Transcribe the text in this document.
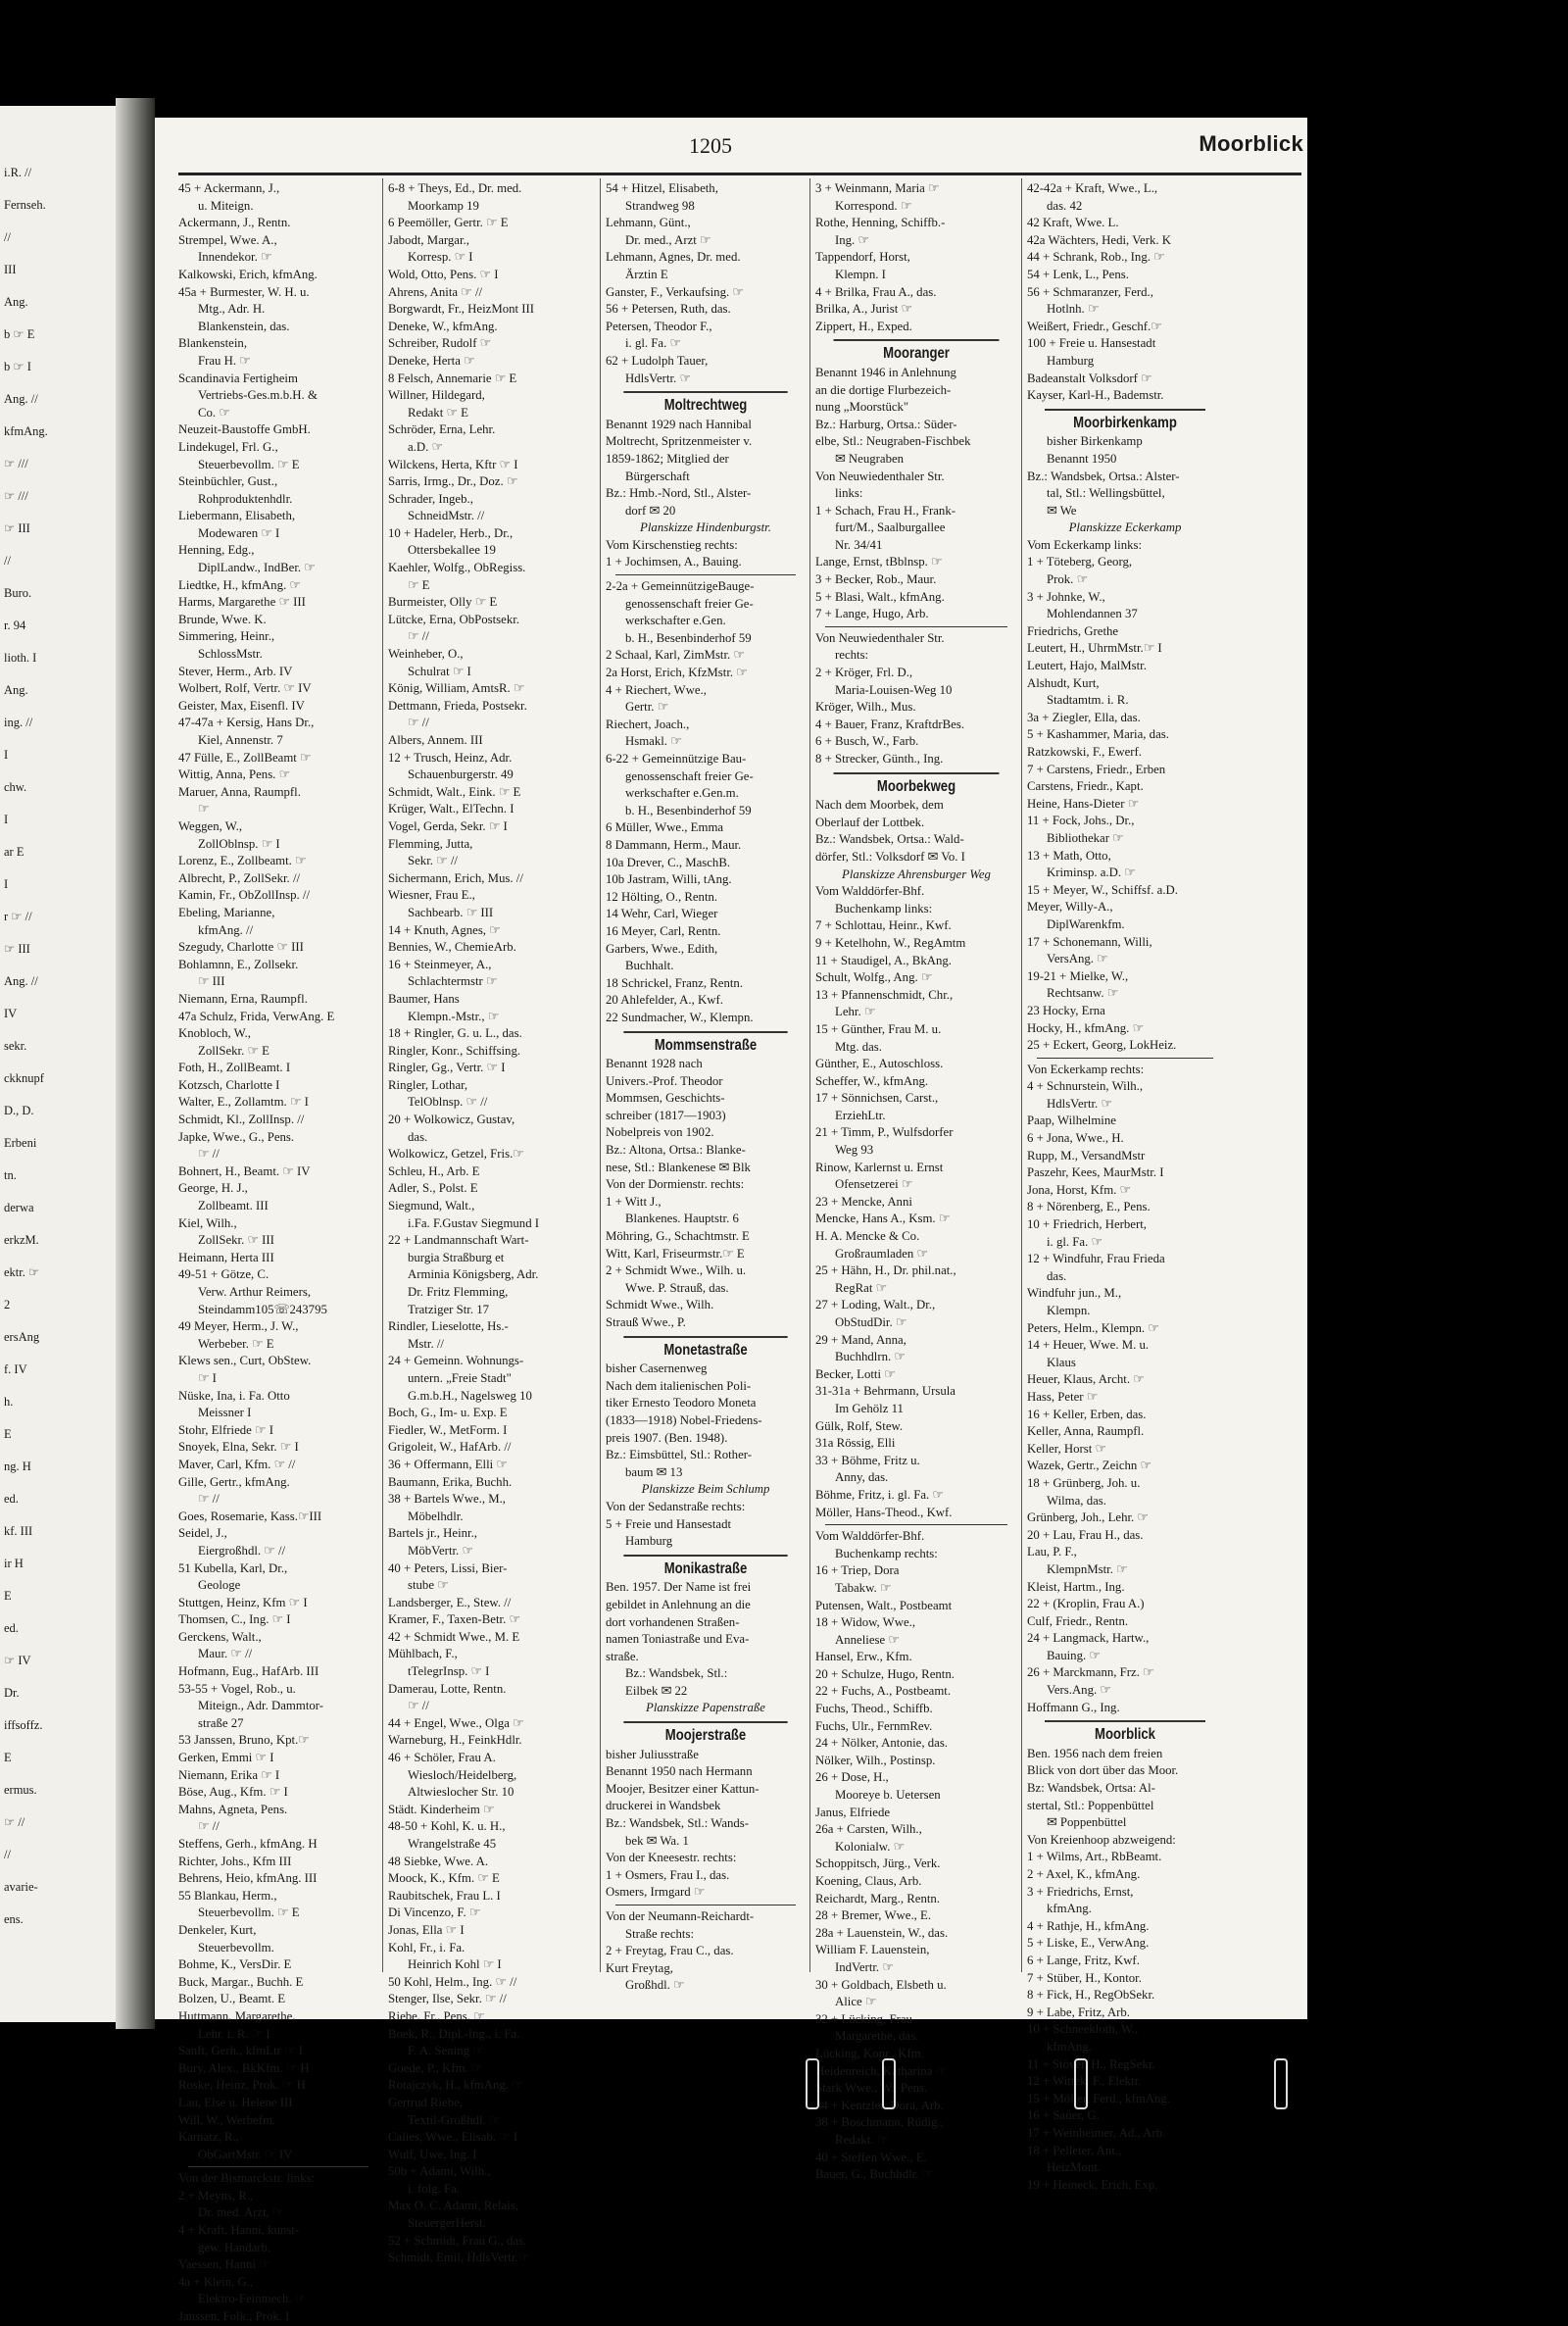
i.R. //
Fernseh.
//
III
Ang.
b ☞ E
b ☞ I
Ang. //
kfmAng.
☞ ///
☞ ///
☞ III
//
Buro.
r. 94
lioth. I
Ang.
ing. //
I
chw.
I
ar E
I
r ☞ //
☞ III
Ang. //
IV
sekr.
ckknupf
D., D.
Erbeni
tn.
derwa
erkzM.
ektr. ☞
2
ersAng
f. IV
h.
E
ng. H
ed.
kf. III
ir H
E
ed.
☞ IV
Dr.
iffsoffz.
E
ermus.
☞ //
//
avarie-
ens.
1205	Moorblick
45 + Ackermann, J.,
u. Miteign.
Ackermann, J., Rentn.
Strempel, Wwe. A.,
Innendekor. ☞
Kalkowski, Erich, kfmAng.
45a + Burmester, W. H. u.
Mtg., Adr. H.
Blankenstein, das.
Blankenstein,
Frau H. ☞
Scandinavia Fertigheim
Vertriebs-Ges.m.b.H. &
Co. ☞
Neuzeit-Baustoffe GmbH.
Lindekugel, Frl. G.,
Steuerbevollm. ☞ E
Steinbüchler, Gust.,
Rohproduktenhdlr.
Liebermann, Elisabeth,
Modewaren ☞ I
Henning, Edg.,
DiplLandw., IndBer. ☞
Liedtke, H., kfmAng. ☞
Harms, Margarethe ☞ III
Brunde, Wwe. K.
Simmering, Heinr.,
SchlossMstr.
Stever, Herm., Arb. IV
Wolbert, Rolf, Vertr. ☞ IV
Geister, Max, Eisenfl. IV
47-47a + Kersig, Hans Dr.,
Kiel, Annenstr. 7
47 Fülle, E., ZollBeamt ☞
Wittig, Anna, Pens. ☞
Maruer, Anna, Raumpfl.
☞
Weggen, W.,
ZollOblnsp. ☞ I
Lorenz, E., Zollbeamt. ☞
Albrecht, P., ZollSekr. //
Kamin, Fr., ObZollInsp. //
Ebeling, Marianne,
kfmAng. //
Szegudy, Charlotte ☞ III
Bohlamnn, E., Zollsekr.
☞ III
Niemann, Erna, Raumpfl.
47a Schulz, Frida, VerwAng. E
Knobloch, W.,
ZollSekr. ☞ E
Foth, H., ZollBeamt. I
Kotzsch, Charlotte I
Walter, E., Zollamtm. ☞ I
Schmidt, Kl., ZollInsp. //
Japke, Wwe., G., Pens.
☞ //
Bohnert, H., Beamt. ☞ IV
George, H. J.,
Zollbeamt. III
Kiel, Wilh.,
ZollSekr. ☞ III
Heimann, Herta III
49-51 + Götze, C.
Verw. Arthur Reimers,
Steindamm105☏243795
49 Meyer, Herm., J. W.,
Werbeber. ☞ E
Klews sen., Curt, ObStew.
☞ I
Nüske, Ina, i. Fa. Otto
Meissner I
Stohr, Elfriede ☞ I
Snoyek, Elna, Sekr. ☞ I
Maver, Carl, Kfm. ☞ //
Gille, Gertr., kfmAng.
☞ //
Goes, Rosemarie, Kass.☞III
Seidel, J.,
Eiergroßhdl. ☞ //
51 Kubella, Karl, Dr.,
Geologe
Stuttgen, Heinz, Kfm ☞ I
Thomsen, C., Ing. ☞ I
Gerckens, Walt.,
Maur. ☞ //
Hofmann, Eug., HafArb. III
53-55 + Vogel, Rob., u.
Miteign., Adr. Dammtor-
straße 27
53 Janssen, Bruno, Kpt.☞
Gerken, Emmi ☞ I
Niemann, Erika ☞ I
Böse, Aug., Kfm. ☞ I
Mahns, Agneta, Pens.
☞ //
Steffens, Gerh., kfmAng. H
Richter, Johs., Kfm III
Behrens, Heio, kfmAng. III
55 Blankau, Herm.,
Steuerbevollm. ☞ E
Denkeler, Kurt,
Steuerbevollm.
Bohme, K., VersDir. E
Buck, Margar., Buchh. E
Bolzen, U., Beamt. E
Huttmann, Margarethe,
Lehr. i. R. ☞ I
Sanft, Gerh., kfmLtr ☞ I
Bury, Alex., BkKfm. ☞ H
Roske, Heinz, Prok. ☞ H
Lau, Else u. Helene III
Will, W., Werbefm.
Karnatz, R.,
ObGartMstr. ☞ IV
Von der Bismarckstr. links:
2 + Meyns, R.,
Dr. med. Arzt, ☞
4 + Kraft, Hanni, kunst-
gew. Handarb.
Vaessen, Hanni ☞
4a + Klein, G.,
Elektro-Feinmech. ☞
Janssen, Folk., Prok. I
6-8 + Theys, Ed., Dr. med.
Moorkamp 19
6 Peemöller, Gertr. ☞ E
Jabodt, Margar.,
Korresp. ☞ I
Wold, Otto, Pens. ☞ I
Ahrens, Anita ☞ //
Borgwardt, Fr., HeizMont III
Deneke, W., kfmAng.
Schreiber, Rudolf ☞
Deneke, Herta ☞
8 Felsch, Annemarie ☞ E
Willner, Hildegard,
Redakt ☞ E
Schröder, Erna, Lehr.
a.D. ☞
Wilckens, Herta, Kftr ☞ I
Sarris, Irmg., Dr., Doz. ☞
Schrader, Ingeb.,
SchneidMstr. //
10 + Hadeler, Herb., Dr.,
Ottersbekallee 19
Kaehler, Wolfg., ObRegiss.
☞ E
Burmeister, Olly ☞ E
Lütcke, Erna, ObPostsekr.
☞ //
Weinheber, O.,
Schulrat ☞ I
König, William, AmtsR. ☞
Dettmann, Frieda, Postsekr.
☞ //
Albers, Annem. III
12 + Trusch, Heinz, Adr.
Schauenburgerstr. 49
Schmidt, Walt., Eink. ☞ E
Krüger, Walt., ElTechn. I
Vogel, Gerda, Sekr. ☞ I
Flemming, Jutta,
Sekr. ☞ //
Sichermann, Erich, Mus. //
Wiesner, Frau E.,
Sachbearb. ☞ III
14 + Knuth, Agnes, ☞
Bennies, W., ChemieArb.
16 + Steinmeyer, A.,
Schlachtermstr ☞
Baumer, Hans
Klempn.-Mstr., ☞
18 + Ringler, G. u. L., das.
Ringler, Konr., Schiffsing.
Ringler, Gg., Vertr. ☞ I
Ringler, Lothar,
TelOblnsp. ☞ //
20 + Wolkowicz, Gustav,
das.
Wolkowicz, Getzel, Fris.☞
Schleu, H., Arb. E
Adler, S., Polst. E
Siegmund, Walt.,
i.Fa. F.Gustav Siegmund I
22 + Landmannschaft Wart-
burgia Straßburg et
Arminia Königsberg, Adr.
Dr. Fritz Flemming,
Tratziger Str. 17
Rindler, Lieselotte, Hs.-
Mstr. //
24 + Gemeinn. Wohnungs-
untern. „Freie Stadt"
G.m.b.H., Nagelsweg 10
Boch, G., Im- u. Exp. E
Fiedler, W., MetForm. I
Grigoleit, W., HafArb. //
36 + Offermann, Elli ☞
Baumann, Erika, Buchh.
38 + Bartels Wwe., M.,
Möbelhdlr.
Bartels jr., Heinr.,
MöbVertr. ☞
40 + Peters, Lissi, Bier-
stube ☞
Landsberger, E., Stew. //
Kramer, F., Taxen-Betr. ☞
42 + Schmidt Wwe., M. E
Mühlbach, F.,
tTelegrInsp. ☞ I
Damerau, Lotte, Rentn.
☞ //
44 + Engel, Wwe., Olga ☞
Warneburg, H., FeinkHdlr.
46 + Schöler, Frau A.
Wiesloch/Heidelberg,
Altwieslocher Str. 10
Städt. Kinderheim ☞
48-50 + Kohl, K. u. H.,
Wrangelstraße 45
48 Siebke, Wwe. A.
Moock, K., Kfm. ☞ E
Raubitschek, Frau L. I
Di Vincenzo, F. ☞
Jonas, Ella ☞ I
Kohl, Fr., i. Fa.
Heinrich Kohl ☞ I
50 Kohl, Helm., Ing. ☞ //
Stenger, Ilse, Sekr. ☞ //
Riebe, Fr., Pens. ☞
Boek, R., Dipl.-Ing., i. Fa.
F. A. Sening ☞
Goede, P., Kfm. ☞
Rotajczyk, H., kfmAng. ☞
Gertrud Riebe,
Textil-Großhdl. ☞
Calies, Wwe., Elisab. ☞ I
Wulf, Uwe, Ing. I
50b + Adami, Wilh.,
i. folg. Fa.
Max O. C. Adami, Relais,
SteuergerHerst.
52 + Schmidt, Frau G., das.
Schmidt, Emil, HdlsVertr.☞
54 + Hitzel, Elisabeth,
Strandweg 98
Lehmann, Günt.,
Dr. med., Arzt ☞
Lehmann, Agnes, Dr. med.
Ärztin E
Ganster, F., Verkaufsing. ☞
56 + Petersen, Ruth, das.
Petersen, Theodor F.,
i. gl. Fa. ☞
62 + Ludolph Tauer,
HdlsVertr. ☞
Moltrechtweg
Benannt 1929 nach Hannibal
Moltrecht, Spritzenmeister v.
1859-1862; Mitglied der
Bürgerschaft
Bz.: Hmb.-Nord, Stl., Alster-
dorf ✉ 20
Planskizze Hindenburgstr.
Vom Kirschenstieg rechts:
1 + Jochimsen, A., Bauing.
2-2a + GemeinnützigeBauge-
genossenschaft freier Ge-
werkschafter e.Gen.
b. H., Besenbinderhof 59
2 Schaal, Karl, ZimMstr. ☞
2a Horst, Erich, KfzMstr. ☞
4 + Riechert, Wwe.,
Gertr. ☞
Riechert, Joach.,
Hsmakl. ☞
6-22 + Gemeinnützige Bau-
genossenschaft freier Ge-
werkschafter e.Gen.m.
b. H., Besenbinderhof 59
6 Müller, Wwe., Emma
8 Dammann, Herm., Maur.
10a Drever, C., MaschB.
10b Jastram, Willi, tAng.
12 Hölting, O., Rentn.
14 Wehr, Carl, Wieger
16 Meyer, Carl, Rentn.
Garbers, Wwe., Edith,
Buchhalt.
18 Schrickel, Franz, Rentn.
20 Ahlefelder, A., Kwf.
22 Sundmacher, W., Klempn.
Mommsenstraße
Benannt 1928 nach
Univers.-Prof. Theodor
Mommsen, Geschichts-
schreiber (1817—1903)
Nobelpreis von 1902.
Bz.: Altona, Ortsa.: Blanke-
nese, Stl.: Blankenese ✉ Blk
Von der Dormienstr. rechts:
1 + Witt J.,
Blankenes. Hauptstr. 6
Möhring, G., Schachtmstr. E
Witt, Karl, Friseurmstr.☞ E
2 + Schmidt Wwe., Wilh. u.
Wwe. P. Strauß, das.
Schmidt Wwe., Wilh.
Strauß Wwe., P.
Monetastraße
bisher Casernenweg
Nach dem italienischen Poli-
tiker Ernesto Teodoro Moneta
(1833—1918) Nobel-Friedens-
preis 1907. (Ben. 1948).
Bz.: Eimsbüttel, Stl.: Rother-
baum ✉ 13
Planskizze Beim Schlump
Von der Sedanstraße rechts:
5 + Freie und Hansestadt
Hamburg
Monikastraße
Ben. 1957. Der Name ist frei
gebildet in Anlehnung an die
dort vorhandenen Straßen-
namen Toniastraße und Eva-
straße.
Bz.: Wandsbek, Stl.:
Eilbek ✉ 22
Planskizze Papenstraße
Moojerstraße
bisher Juliusstraße
Benannt 1950 nach Hermann
Moojer, Besitzer einer Kattun-
druckerei in Wandsbek
Bz.: Wandsbek, Stl.: Wands-
bek ✉ Wa. 1
Von der Kneesestr. rechts:
1 + Osmers, Frau I., das.
Osmers, Irmgard ☞
Von der Neumann-Reichardt-
Straße rechts:
2 + Freytag, Frau C., das.
Kurt Freytag,
Großhdl. ☞
3 + Weinmann, Maria ☞
Korrespond. ☞
Rothe, Henning, Schiffb.-
Ing. ☞
Tappendorf, Horst,
Klempn. I
4 + Brilka, Frau A., das.
Brilka, A., Jurist ☞
Zippert, H., Exped.
Mooranger
Benannt 1946 in Anlehnung
an die dortige Flurbezeich-
nung „Moorstück"
Bz.: Harburg, Ortsa.: Süder-
elbe, Stl.: Neugraben-Fischbek
✉ Neugraben
Von Neuwiedenthaler Str.
links:
1 + Schach, Frau H., Frank-
furt/M., Saalburgallee
Nr. 34/41
Lange, Ernst, tBblnsp. ☞
3 + Becker, Rob., Maur.
5 + Blasi, Walt., kfmAng.
7 + Lange, Hugo, Arb.
Von Neuwiedenthaler Str.
rechts:
2 + Kröger, Frl. D.,
Maria-Louisen-Weg 10
Kröger, Wilh., Mus.
4 + Bauer, Franz, KraftdrBes.
6 + Busch, W., Farb.
8 + Strecker, Günth., Ing.
Moorbekweg
Nach dem Moorbek, dem
Oberlauf der Lottbek.
Bz.: Wandsbek, Ortsa.: Wald-
dörfer, Stl.: Volksdorf ✉ Vo. I
Planskizze Ahrensburger Weg
Vom Walddörfer-Bhf.
Buchenkamp links:
7 + Schlottau, Heinr., Kwf.
9 + Ketelhohn, W., RegAmtm
11 + Staudigel, A., BkAng.
Schult, Wolfg., Ang. ☞
13 + Pfannenschmidt, Chr.,
Lehr. ☞
15 + Günther, Frau M. u.
Mtg. das.
Günther, E., Autoschloss.
Scheffer, W., kfmAng.
17 + Sönnichsen, Carst.,
ErziehLtr.
21 + Timm, P., Wulfsdorfer
Weg 93
Rinow, Karlernst u. Ernst
Ofensetzerei ☞
23 + Mencke, Anni
Mencke, Hans A., Ksm. ☞
H. A. Mencke & Co.
Großraumladen ☞
25 + Hähn, H., Dr. phil.nat.,
RegRat ☞
27 + Loding, Walt., Dr.,
ObStudDir. ☞
29 + Mand, Anna,
Buchhdlrn. ☞
Becker, Lotti ☞
31-31a + Behrmann, Ursula
Im Gehölz 11
Gülk, Rolf, Stew.
31a Rössig, Elli
33 + Böhme, Fritz u.
Anny, das.
Böhme, Fritz, i. gl. Fa. ☞
Möller, Hans-Theod., Kwf.
Vom Walddörfer-Bhf.
Buchenkamp rechts:
16 + Triep, Dora
Tabakw. ☞
Putensen, Walt., Postbeamt
18 + Widow, Wwe.,
Anneliese ☞
Hansel, Erw., Kfm.
20 + Schulze, Hugo, Rentn.
22 + Fuchs, A., Postbeamt.
Fuchs, Theod., Schiffb.
Fuchs, Ulr., FernmRev.
24 + Nölker, Antonie, das.
Nölker, Wilh., Postinsp.
26 + Dose, H.,
Mooreye b. Uetersen
Janus, Elfriede
26a + Carsten, Wilh.,
Kolonialw. ☞
Schoppitsch, Jürg., Verk.
Koening, Claus, Arb.
Reichardt, Marg., Rentn.
28 + Bremer, Wwe., E.
28a + Lauenstein, W., das.
William F. Lauenstein,
IndVertr. ☞
30 + Goldbach, Elsbeth u.
Alice ☞
32 + Lücking, Frau
Margarethe, das.
Lücking, Konr., Kfm.
Heidenreich, Katharina ☞
Stark Wwe., W., Pens.
34 + Kentzler, Dora, Arb.
38 + Boschmann, Rüdig.,
Redakt. ☞
40 + Steffen Wwe., E.
Bauer, G., Buchhdlr. ☞
42-42a + Kraft, Wwe., L.,
das. 42
42 Kraft, Wwe. L.
42a Wächters, Hedi, Verk. K
44 + Schrank, Rob., Ing. ☞
54 + Lenk, L., Pens.
56 + Schmaranzer, Ferd.,
Hotlnh. ☞
Weißert, Friedr., Geschf.☞
100 + Freie u. Hansestadt
Hamburg
Badeanstalt Volksdorf ☞
Kayser, Karl-H., Bademstr.
Moorbirkenkamp
bisher Birkenkamp
Benannt 1950
Bz.: Wandsbek, Ortsa.: Alster-
tal, Stl.: Wellingsbüttel,
✉ We
Planskizze Eckerkamp
Vom Eckerkamp links:
1 + Töteberg, Georg,
Prok. ☞
3 + Johnke, W.,
Mohlendannen 37
Friedrichs, Grethe
Leutert, H., UhrmMstr.☞ I
Leutert, Hajo, MalMstr.
Alshudt, Kurt,
Stadtamtm. i. R.
3a + Ziegler, Ella, das.
5 + Kashammer, Maria, das.
Ratzkowski, F., Ewerf.
7 + Carstens, Friedr., Erben
Carstens, Friedr., Kapt.
Heine, Hans-Dieter ☞
11 + Fock, Johs., Dr.,
Bibliothekar ☞
13 + Math, Otto,
Kriminsp. a.D. ☞
15 + Meyer, W., Schiffsf. a.D.
Meyer, Willy-A.,
DiplWarenkfm.
17 + Schonemann, Willi,
VersAng. ☞
19-21 + Mielke, W.,
Rechtsanw. ☞
23 Hocky, Erna
Hocky, H., kfmAng. ☞
25 + Eckert, Georg, LokHeiz.
Von Eckerkamp rechts:
4 + Schnurstein, Wilh.,
HdlsVertr. ☞
Paap, Wilhelmine
6 + Jona, Wwe., H.
Rupp, M., VersandMstr
Paszehr, Kees, MaurMstr. I
Jona, Horst, Kfm. ☞
8 + Nörenberg, E., Pens.
10 + Friedrich, Herbert,
i. gl. Fa. ☞
12 + Windfuhr, Frau Frieda
das.
Windfuhr jun., M.,
Klempn.
Peters, Helm., Klempn. ☞
14 + Heuer, Wwe. M. u.
Klaus
Heuer, Klaus, Archt. ☞
Hass, Peter ☞
16 + Keller, Erben, das.
Keller, Anna, Raumpfl.
Keller, Horst ☞
Wazek, Gertr., Zeichn ☞
18 + Grünberg, Joh. u.
Wilma, das.
Grünberg, Joh., Lehr. ☞
20 + Lau, Frau H., das.
Lau, P. F.,
KlempnMstr. ☞
Kleist, Hartm., Ing.
22 + (Kroplin, Frau A.)
Culf, Friedr., Rentn.
24 + Langmack, Hartw.,
Bauing. ☞
26 + Marckmann, Frz. ☞
Vers.Ang. ☞
Hoffmann G., Ing.
Moorblick
Ben. 1956 nach dem freien
Blick von dort über das Moor.
Bz: Wandsbek, Ortsa: Al-
stertal, Stl.: Poppenbüttel
✉ Poppenbüttel
Von Kreienhoop abzweigend:
1 + Wilms, Art., RbBeamt.
2 + Axel, K., kfmAng.
3 + Friedrichs, Ernst,
kfmAng.
4 + Rathje, H., kfmAng.
5 + Liske, E., VerwAng.
6 + Lange, Fritz, Kwf.
7 + Stüber, H., Kontor.
8 + Fick, H., RegObSekr.
9 + Labe, Fritz, Arb.
10 + Schneekloth, W.,
kfmAng.
11 + Stöver, H., RegSekr.
12 + Wittek, F., Elektr.
15 + Möller, Ferd., kfmAng.
16 + Sauer, G.
17 + Weinheimer, Ad., Arb.
18 + Pelleter, Ant.,
HeizMont.
19 + Heineck, Erich, Exp.
